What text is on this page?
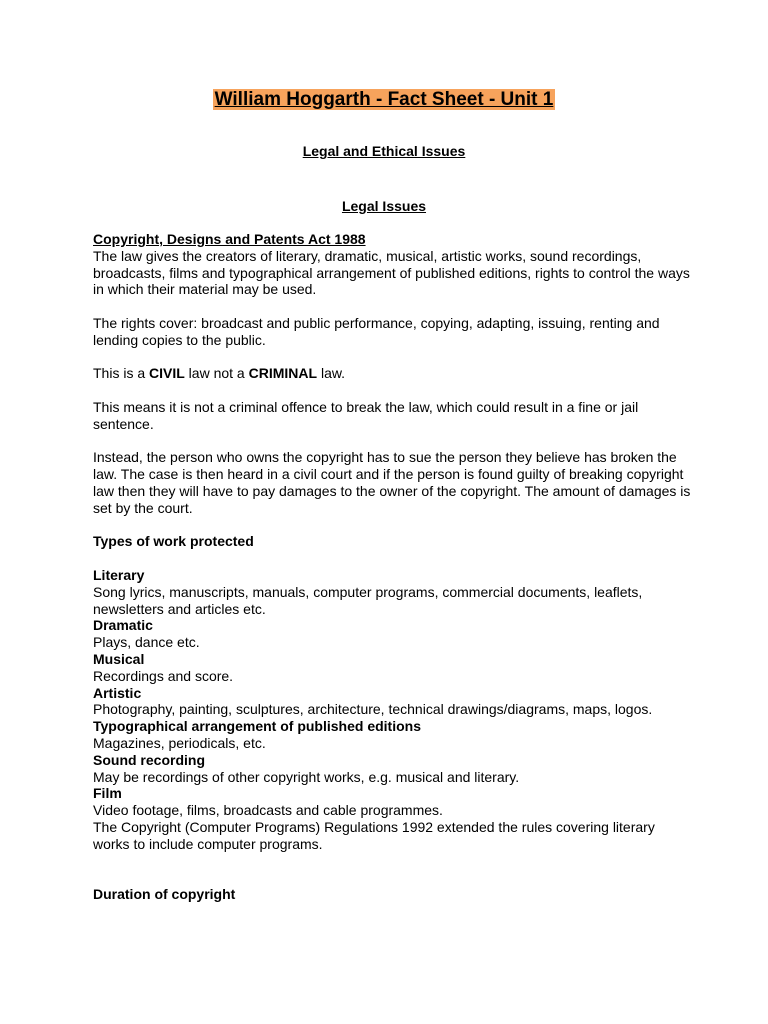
William Hoggarth - Fact Sheet - Unit 1
Legal and Ethical Issues
Legal Issues

Copyright, Designs and Patents Act 1988

The law gives the creators of literary, dramatic, musical, artistic works, sound recordings, broadcasts, films and typographical arrangement of published editions, rights to control the ways in which their material may be used.

The rights cover: broadcast and public performance, copying, adapting, issuing, renting and lending copies to the public.

This is a CIVIL law not a CRIMINAL law.

This means it is not a criminal offence to break the law, which could result in a fine or jail sentence.

Instead, the person who owns the copyright has to sue the person they believe has broken the law. The case is then heard in a civil court and if the person is found guilty of breaking copyright law then they will have to pay damages to the owner of the copyright. The amount of damages is set by the court.

Types of work protected

Literary

Song lyrics, manuscripts, manuals, computer programs, commercial documents, leaflets, newsletters and articles etc.

Dramatic

Plays, dance etc.

Musical

Recordings and score.

Artistic

Photography, painting, sculptures, architecture, technical drawings/diagrams, maps, logos.

Typographical arrangement of published editions

Magazines, periodicals, etc.

Sound recording

May be recordings of other copyright works, e.g. musical and literary.

Film

Video footage, films, broadcasts and cable programmes.

The Copyright (Computer Programs) Regulations 1992 extended the rules covering literary works to include computer programs.

Duration of copyright
